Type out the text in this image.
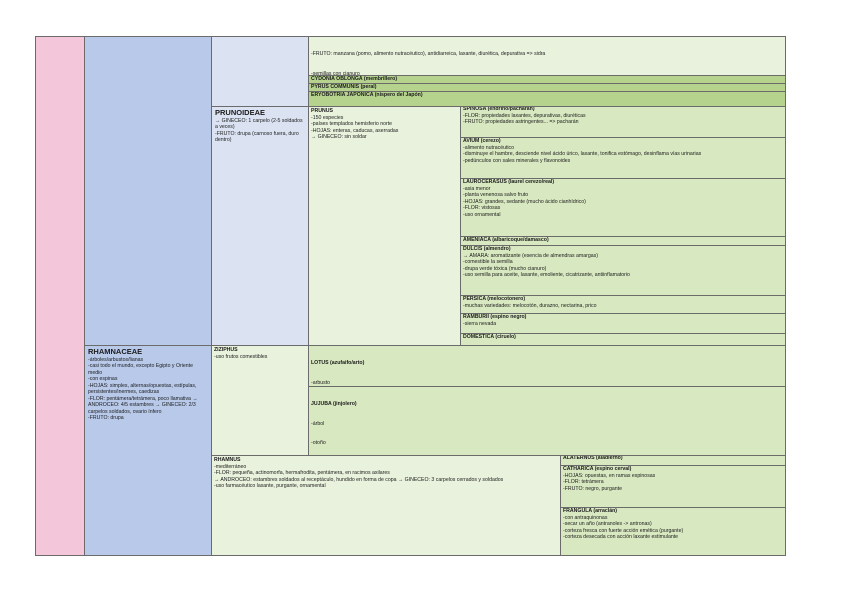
-FRUTO: manzana (pomo, alimento nutracéutico), antidiarreica, laxante, diurética, depurativa => sidra

-semillas con cianuro

CYDONIA OBLONGA (membrillero)
PYRUS COMMUNIS (peral)
ERYOBOTRIA JAPÓNICA (níspero del Japón)
PRUNOIDEAE
→ GINECEO: 1 carpelo (2-5 soldados a veces)
-FRUTO: drupa (carnoso fuera, duro dentro)
PRUNUS
-150 especies
-países templados hemisferio norte
-HOJAS: enteras, caducas, aserradas
→ GINECEO: sin soldar
SPINOSA (endrino/pacharán)
-FLOR: propiedades laxantes, depurativas, diuréticas
-FRUTO: propiedades astringentes... => pacharán
AVIUM (cerezo)
-alimento nutracéutico
-disminuye el hambre, desciende nivel ácido úrico, laxante, tonifica estómago, desinflama vías urinarias
-pedúnculos con sales minerales y flavonoides
LAUROCERASUS (laurel cerezo/real)
-asia menor
-planta venenosa salvo fruto
-HOJAS: grandes, sedante (mucho ácido cianhídrico)
-FLOR: vistosas
-uso ornamental
AMENIACA (albaricoque/damasco)
DULCIS (almendro)
→ AMARA: aromatizante (esencia de almendras amargas)
-comestible la semilla
-drupa verde tóxica (mucho cianuro)
-uso semilla para aceite, laxante, emoliente, cicatrizante, antiinflamatorio
PERSICA (melocotonero)
-muchas variedades: melocotón, durazno, nectarina, prico
RAMBURII (espino negro)
-sierra nevada
DOMESTICA (ciruelo)
RHAMNACEAE
-árboles/arbustos/lianas
-casi todo el mundo, excepto Egipto y Oriente medio
-con espinas
-HOJAS: simples, alternas/opuestas, estípulas, persistentes/inermes, caedizas
-FLOR: pentámera/tetrámera, poco llamativa → ANDROCEO: 4/5 estambres → GINECEO: 2/3 carpelos soldados, ovario ínfero
-FRUTO: drupa
ZIZIPHUS
-uso frutos comestibles

LOTUS (azufaifo/arto)

-arbusto

JUJUBA (jinjolero)

-árbol

-otoño

RHAMNUS
-mediterráneo
-FLOR: pequeña, actinomorfa, hermafrodita, pentámera, en racimos axilares
→ ANDROCEO: estambres soldados al receptáculo, hundido en forma de copa → GINECEO: 3 carpelos cerrados y soldados
-uso farmacéutico laxante, purgante, ornamental
ALATERNUS (aladierno)
CATHARICA (espino cerval)
-HOJAS: opuestas, en ramas espinosas
-FLOR: tetrámera
-FRUTO: negro, purgante
FRANGULA (arraclán)
-con antraquinonas
-secar un año (antranoles -> antronas)
-corteza fresca con fuerte acción emética (purgante)
-corteza desecada con acción laxante estimulante
